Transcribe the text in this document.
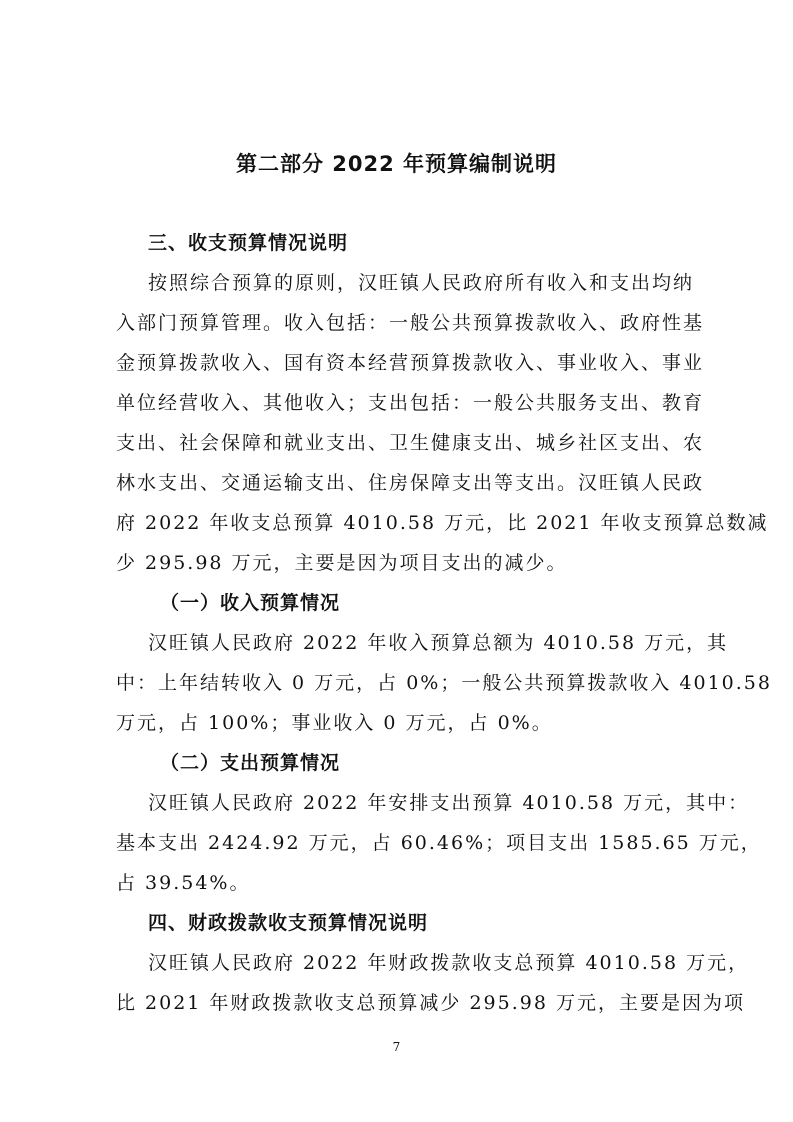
第二部分 2022 年预算编制说明
三、收支预算情况说明
按照综合预算的原则，汉旺镇人民政府所有收入和支出均纳
入部门预算管理。收入包括：一般公共预算拨款收入、政府性基
金预算拨款收入、国有资本经营预算拨款收入、事业收入、事业
单位经营收入、其他收入；支出包括：一般公共服务支出、教育
支出、社会保障和就业支出、卫生健康支出、城乡社区支出、农
林水支出、交通运输支出、住房保障支出等支出。汉旺镇人民政
府 2022 年收支总预算 4010.58 万元，比 2021 年收支预算总数减
少 295.98 万元，主要是因为项目支出的减少。
（一）收入预算情况
汉旺镇人民政府 2022 年收入预算总额为 4010.58 万元，其
中：上年结转收入 0 万元，占 0%；一般公共预算拨款收入 4010.58
万元，占 100%；事业收入 0 万元，占 0%。
（二）支出预算情况
汉旺镇人民政府 2022 年安排支出预算 4010.58 万元，其中：
基本支出 2424.92 万元，占 60.46%；项目支出 1585.65 万元，
占 39.54%。
四、财政拨款收支预算情况说明
汉旺镇人民政府 2022 年财政拨款收支总预算 4010.58 万元，
比 2021 年财政拨款收支总预算减少 295.98 万元，主要是因为项
7
